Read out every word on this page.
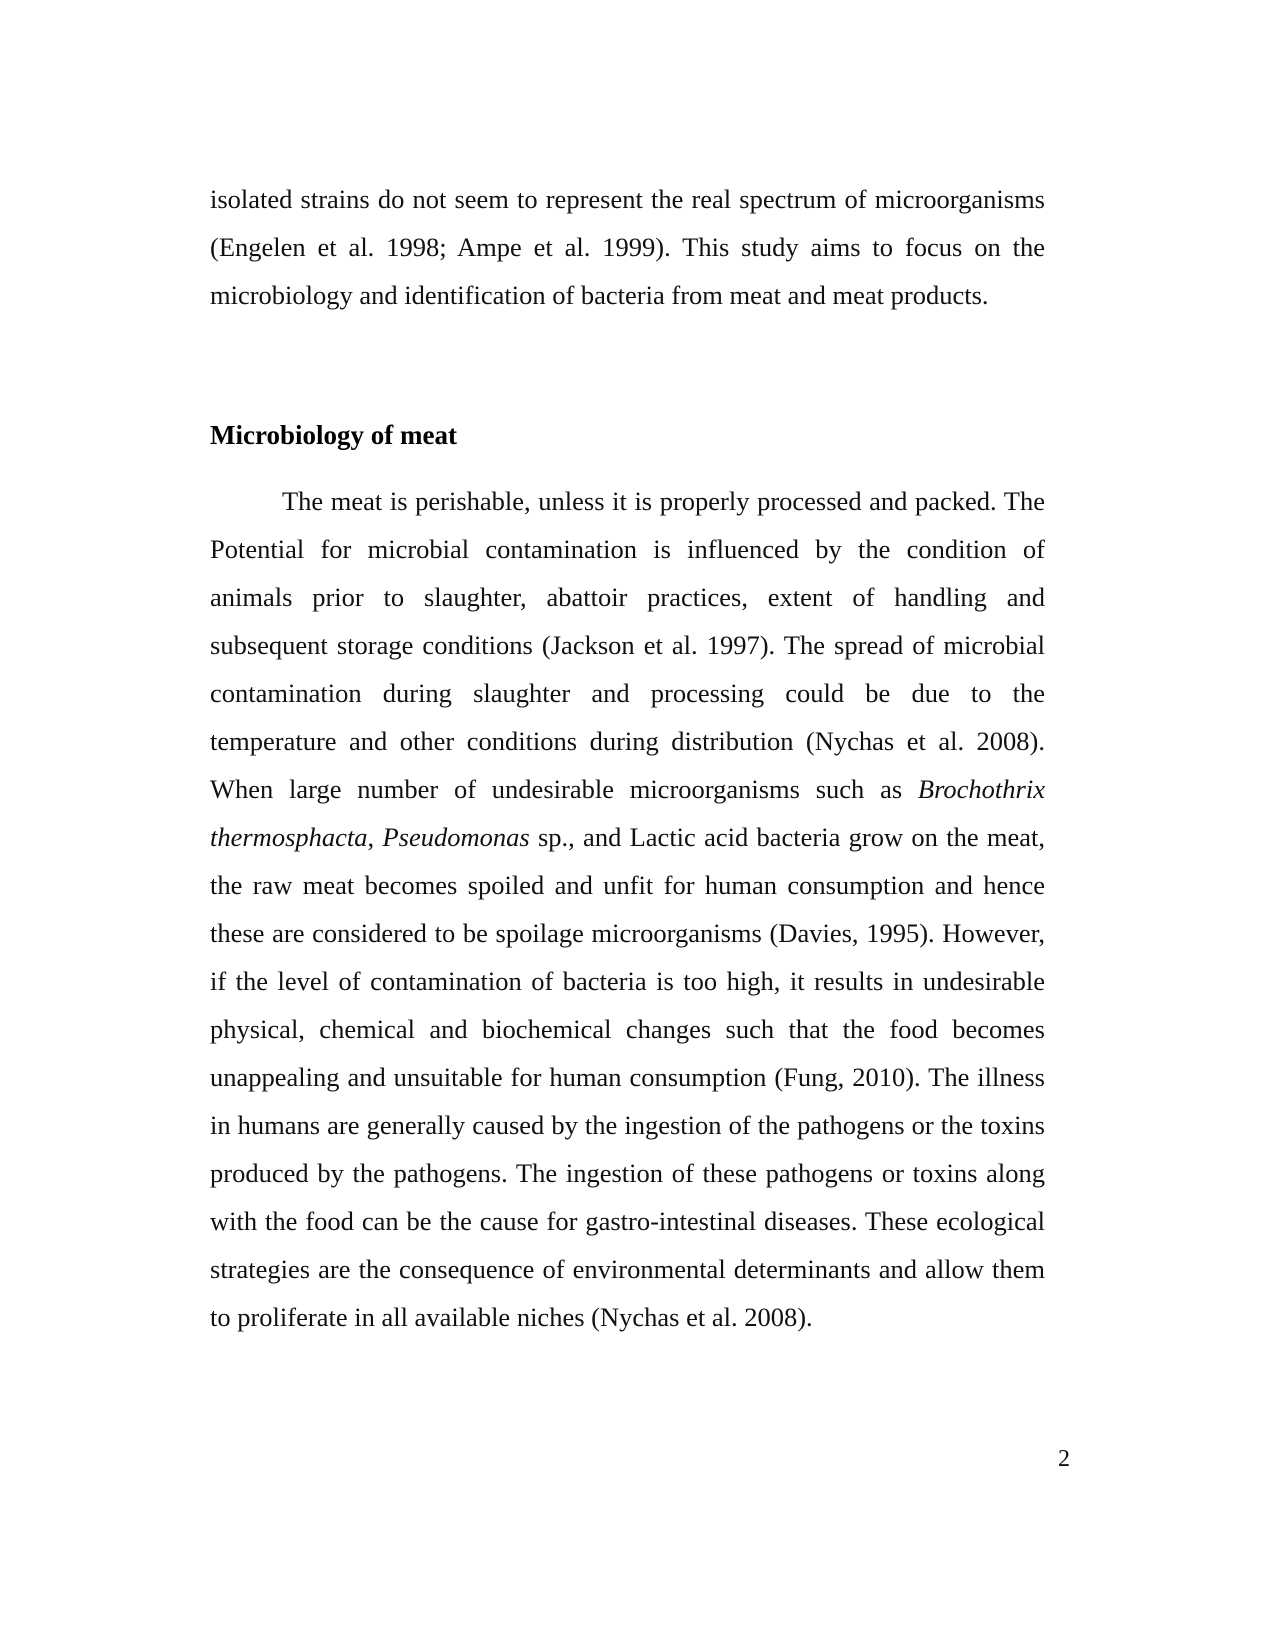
isolated strains do not seem to represent the real spectrum of microorganisms (Engelen et al. 1998; Ampe et al. 1999). This study aims to focus on the microbiology and identification of bacteria from meat and meat products.

Microbiology of meat

The meat is perishable, unless it is properly processed and packed. The Potential for microbial contamination is influenced by the condition of animals prior to slaughter, abattoir practices, extent of handling and subsequent storage conditions (Jackson et al. 1997). The spread of microbial contamination during slaughter and processing could be due to the temperature and other conditions during distribution (Nychas et al. 2008). When large number of undesirable microorganisms such as Brochothrix thermosphacta, Pseudomonas sp., and Lactic acid bacteria grow on the meat, the raw meat becomes spoiled and unfit for human consumption and hence these are considered to be spoilage microorganisms (Davies, 1995). However, if the level of contamination of bacteria is too high, it results in undesirable physical, chemical and biochemical changes such that the food becomes unappealing and unsuitable for human consumption (Fung, 2010). The illness in humans are generally caused by the ingestion of the pathogens or the toxins produced by the pathogens. The ingestion of these pathogens or toxins along with the food can be the cause for gastro-intestinal diseases. These ecological strategies are the consequence of environmental determinants and allow them to proliferate in all available niches (Nychas et al. 2008).

2
